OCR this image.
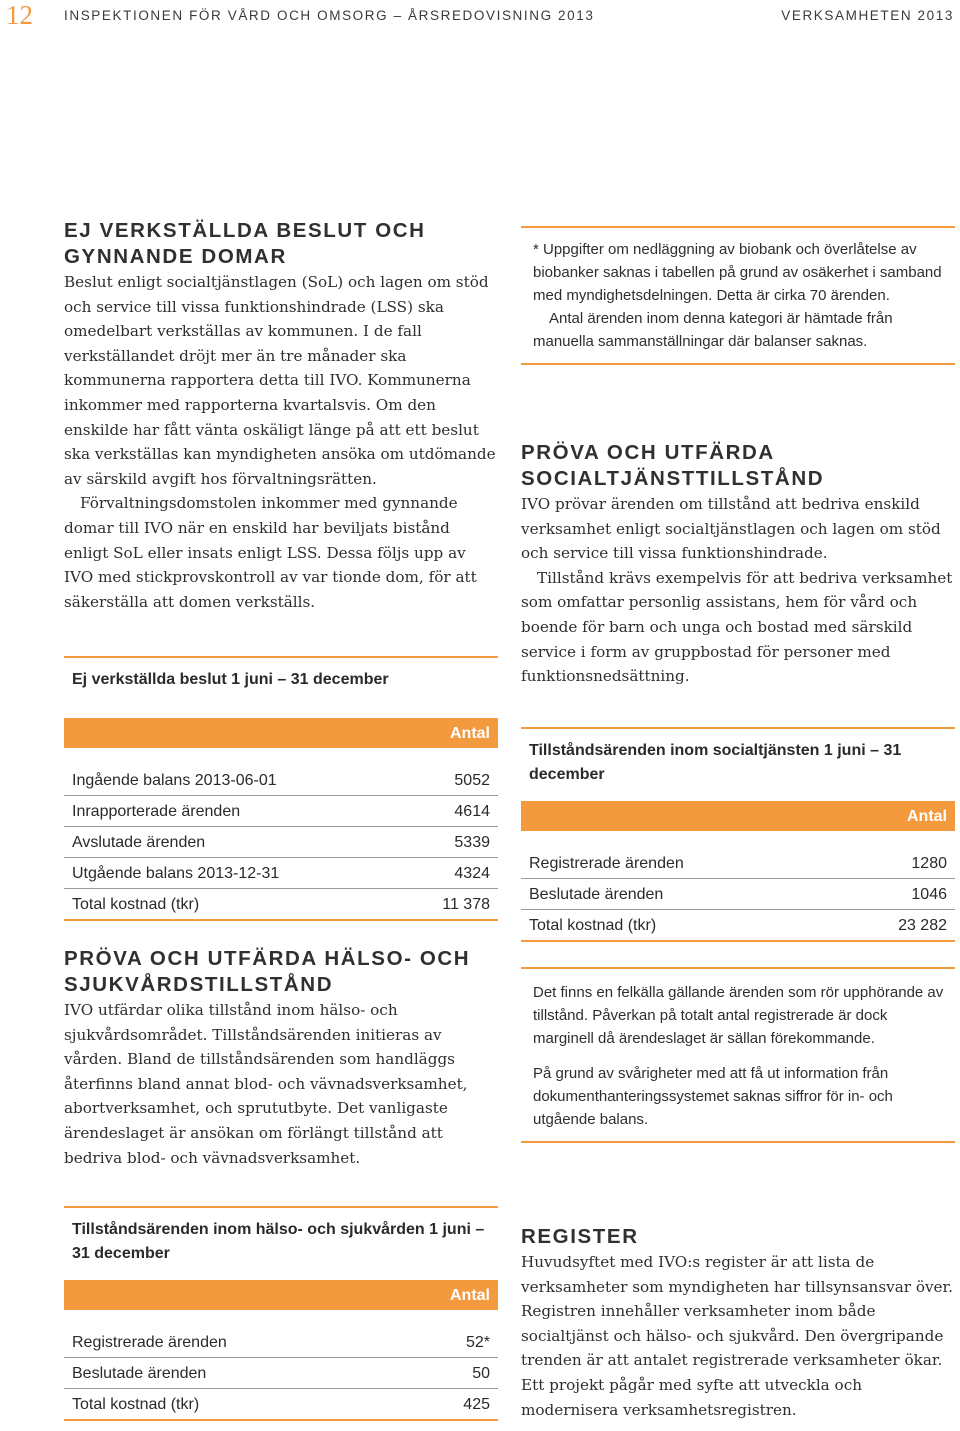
12 INSPEKTIONEN FÖR VÅRD OCH OMSORG – ÅRSREDOVISNING 2013	VERKSAMHETEN 2013
EJ VERKSTÄLLDA BESLUT OCH GYNNANDE DOMAR

Beslut enligt socialtjänstlagen (SoL) och lagen om stöd och service till vissa funktionshindrade (LSS) ska omedelbart verkställas av kommunen. I de fall verkställandet dröjt mer än tre månader ska kommunerna rapportera detta till IVO. Kommunerna inkommer med rapporterna kvartalsvis. Om den enskilde har fått vänta oskäligt länge på att ett beslut ska verkställas kan myndigheten ansöka om utdömande av särskild avgift hos förvaltningsrätten.

Förvaltningsdomstolen inkommer med gynnande domar till IVO när en enskild har beviljats bistånd enligt SoL eller insats enligt LSS. Dessa följs upp av IVO med stickprovskontroll av var tionde dom, för att säkerställa att domen verkställs.

Ej verkställda beslut 1 juni – 31 december
Antal
Ingående balans 2013-06-01	5052
Inrapporterade ärenden	4614
Avslutade ärenden	5339
Utgående balans 2013-12-31	4324
Total kostnad (tkr)	11 378
PRÖVA OCH UTFÄRDA HÄLSO- OCH SJUKVÅRDSTILLSTÅND

IVO utfärdar olika tillstånd inom hälso- och sjukvårdsområdet. Tillståndsärenden initieras av vården. Bland de tillståndsärenden som handläggs återfinns bland annat blod- och vävnadsverksamhet, abortverksamhet, och sprututbyte. Det vanligaste ärendeslaget är ansökan om förlängt tillstånd att bedriva blod- och vävnadsverksamhet.

Tillståndsärenden inom hälso- och sjukvården 1 juni – 31 december
Antal
Registrerade ärenden	52*
Beslutade ärenden	50
Total kostnad (tkr)	425

* Uppgifter om nedläggning av biobank och överlåtelse av biobanker saknas i tabellen på grund av osäkerhet i samband med myndighetsdelningen. Detta är cirka 70 ärenden.

Antal ärenden inom denna kategori är hämtade från manuella sammanställningar där balanser saknas.

PRÖVA OCH UTFÄRDA SOCIALTJÄNSTTILLSTÅND

IVO prövar ärenden om tillstånd att bedriva enskild verksamhet enligt socialtjänstlagen och lagen om stöd och service till vissa funktionshindrade.

Tillstånd krävs exempelvis för att bedriva verksamhet som omfattar personlig assistans, hem för vård och boende för barn och unga och bostad med särskild service i form av gruppbostad för personer med funktionsnedsättning.

Tillståndsärenden inom socialtjänsten 1 juni – 31 december
Antal
Registrerade ärenden	1280
Beslutade ärenden	1046
Total kostnad (tkr)	23 282

Det finns en felkälla gällande ärenden som rör upphörande av tillstånd. Påverkan på totalt antal registrerade är dock marginell då ärendeslaget är sällan förekommande.

På grund av svårigheter med att få ut information från dokumenthanteringssystemet saknas siffror för in- och utgående balans.

REGISTER

Huvudsyftet med IVO:s register är att lista de verksamheter som myndigheten har tillsynsansvar över. Registren innehåller verksamheter inom både socialtjänst och hälso- och sjukvård. Den övergripande trenden är att antalet registrerade verksamheter ökar. Ett projekt pågår med syfte att utveckla och modernisera verksamhetsregistren.
